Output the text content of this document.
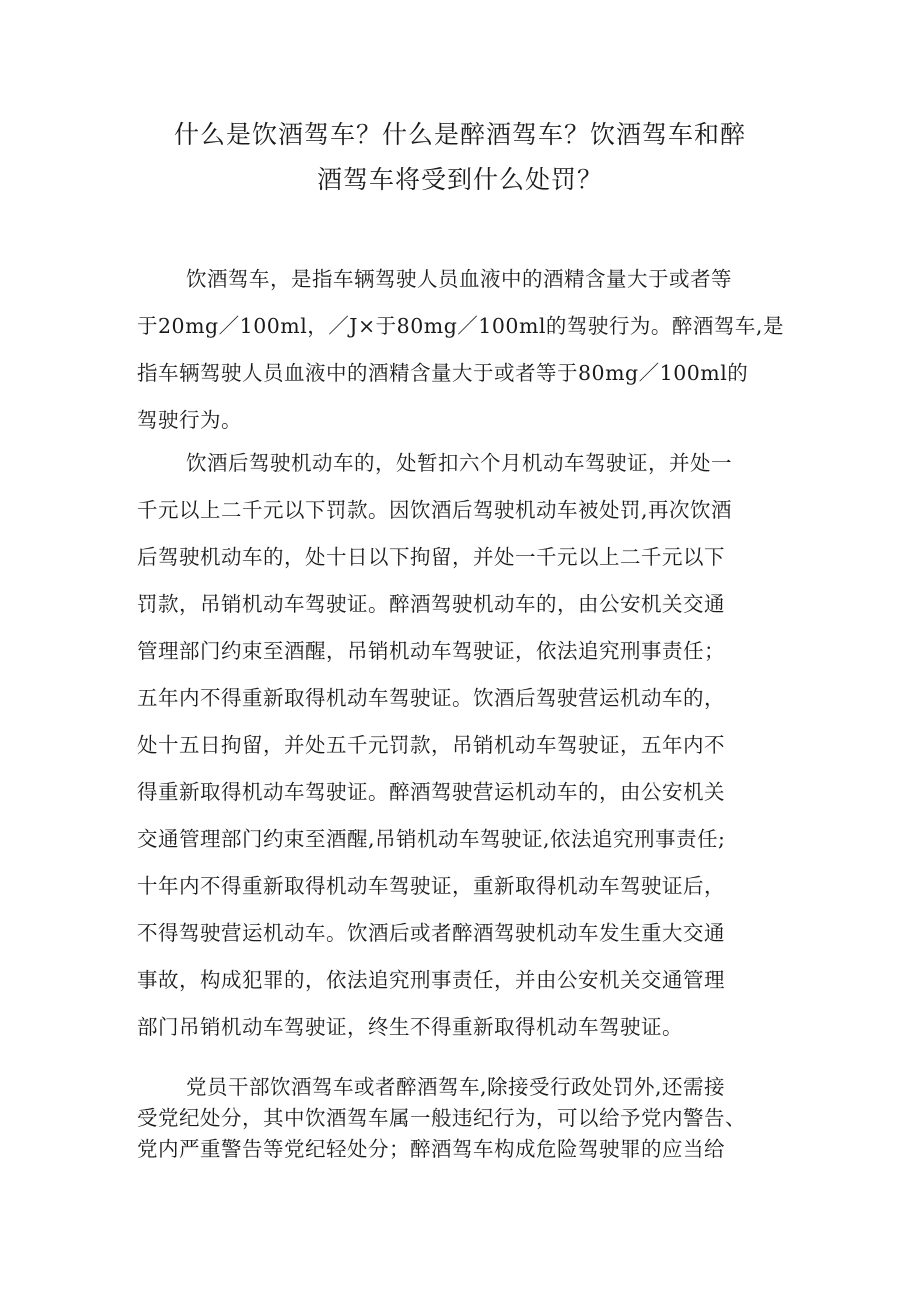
什么是饮酒驾车？什么是醉酒驾车？饮酒驾车和醉
酒驾车将受到什么处罚？
饮酒驾车，是指车辆驾驶人员血液中的酒精含量大于或者等
于20mg／100ml，／J×于80mg／100ml的驾驶行为。醉酒驾车,是
指车辆驾驶人员血液中的酒精含量大于或者等于80mg／100ml的
驾驶行为。
饮酒后驾驶机动车的，处暂扣六个月机动车驾驶证，并处一
千元以上二千元以下罚款。因饮酒后驾驶机动车被处罚,再次饮酒
后驾驶机动车的，处十日以下拘留，并处一千元以上二千元以下
罚款，吊销机动车驾驶证。醉酒驾驶机动车的，由公安机关交通
管理部门约束至酒醒，吊销机动车驾驶证，依法追究刑事责任；
五年内不得重新取得机动车驾驶证。饮酒后驾驶营运机动车的，
处十五日拘留，并处五千元罚款，吊销机动车驾驶证，五年内不
得重新取得机动车驾驶证。醉酒驾驶营运机动车的，由公安机关
交通管理部门约束至酒醒,吊销机动车驾驶证,依法追究刑事责任;
十年内不得重新取得机动车驾驶证，重新取得机动车驾驶证后，
不得驾驶营运机动车。饮酒后或者醉酒驾驶机动车发生重大交通
事故，构成犯罪的，依法追究刑事责任，并由公安机关交通管理
部门吊销机动车驾驶证，终生不得重新取得机动车驾驶证。
党员干部饮酒驾车或者醉酒驾车,除接受行政处罚外,还需接
受党纪处分，其中饮酒驾车属一般违纪行为，可以给予党内警告、
党内严重警告等党纪轻处分；醉酒驾车构成危险驾驶罪的应当给
